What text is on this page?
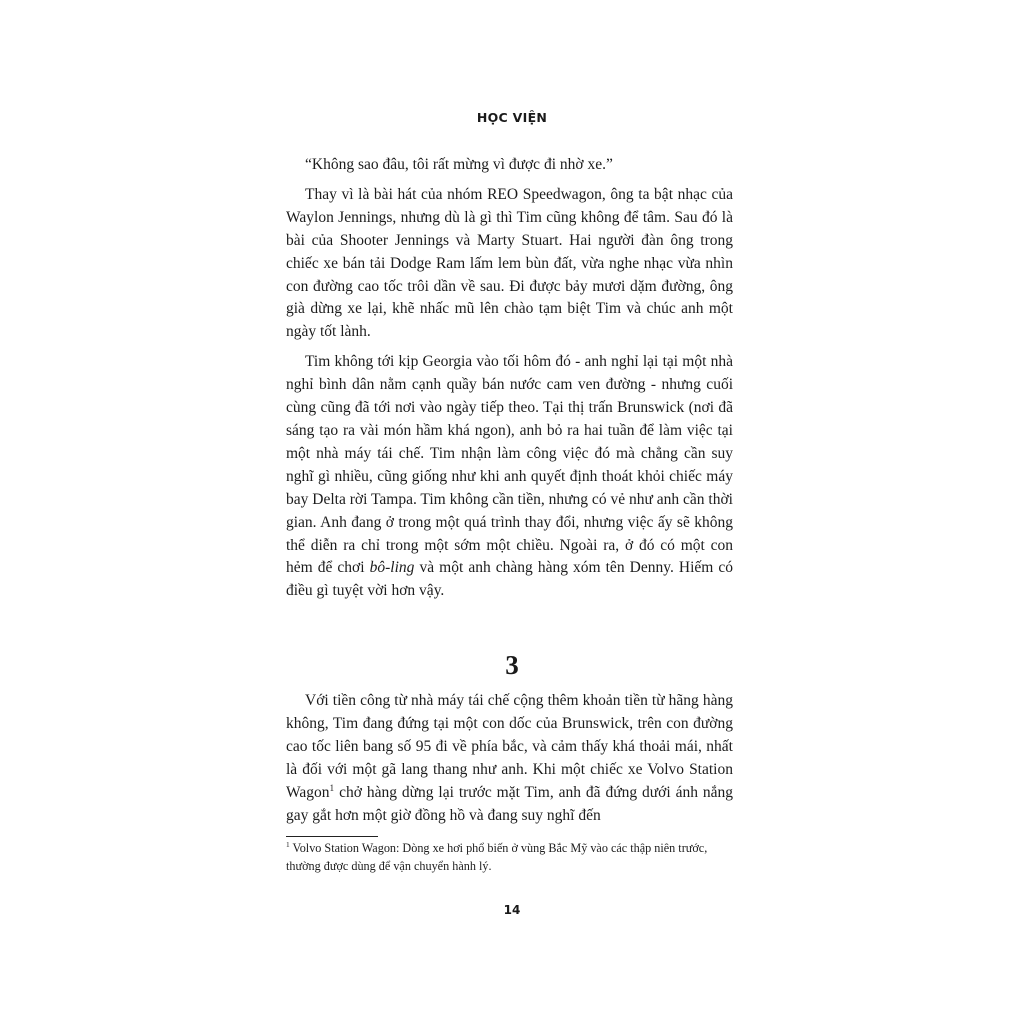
HỌC VIỆN

“Không sao đâu, tôi rất mừng vì được đi nhờ xe.”

Thay vì là bài hát của nhóm REO Speedwagon, ông ta bật nhạc của Waylon Jennings, nhưng dù là gì thì Tim cũng không để tâm. Sau đó là bài của Shooter Jennings và Marty Stuart. Hai người đàn ông trong chiếc xe bán tải Dodge Ram lấm lem bùn đất, vừa nghe nhạc vừa nhìn con đường cao tốc trôi dần về sau. Đi được bảy mươi dặm đường, ông già dừng xe lại, khẽ nhấc mũ lên chào tạm biệt Tim và chúc anh một ngày tốt lành.

Tim không tới kịp Georgia vào tối hôm đó - anh nghỉ lại tại một nhà nghỉ bình dân nằm cạnh quầy bán nước cam ven đường - nhưng cuối cùng cũng đã tới nơi vào ngày tiếp theo. Tại thị trấn Brunswick (nơi đã sáng tạo ra vài món hầm khá ngon), anh bỏ ra hai tuần để làm việc tại một nhà máy tái chế. Tim nhận làm công việc đó mà chẳng cần suy nghĩ gì nhiều, cũng giống như khi anh quyết định thoát khỏi chiếc máy bay Delta rời Tampa. Tim không cần tiền, nhưng có vẻ như anh cần thời gian. Anh đang ở trong một quá trình thay đổi, nhưng việc ấy sẽ không thể diễn ra chỉ trong một sớm một chiều. Ngoài ra, ở đó có một con hẻm để chơi bô-ling và một anh chàng hàng xóm tên Denny. Hiếm có điều gì tuyệt vời hơn vậy.

3

Với tiền công từ nhà máy tái chế cộng thêm khoản tiền từ hãng hàng không, Tim đang đứng tại một con dốc của Brunswick, trên con đường cao tốc liên bang số 95 đi về phía bắc, và cảm thấy khá thoải mái, nhất là đối với một gã lang thang như anh. Khi một chiếc xe Volvo Station Wagon$^1$ chở hàng dừng lại trước mặt Tim, anh đã đứng dưới ánh nắng gay gắt hơn một giờ đồng hồ và đang suy nghĩ đến

$^1$ Volvo Station Wagon: Dòng xe hơi phổ biến ở vùng Bắc Mỹ vào các thập niên trước, thường được dùng để vận chuyển hành lý.
14
